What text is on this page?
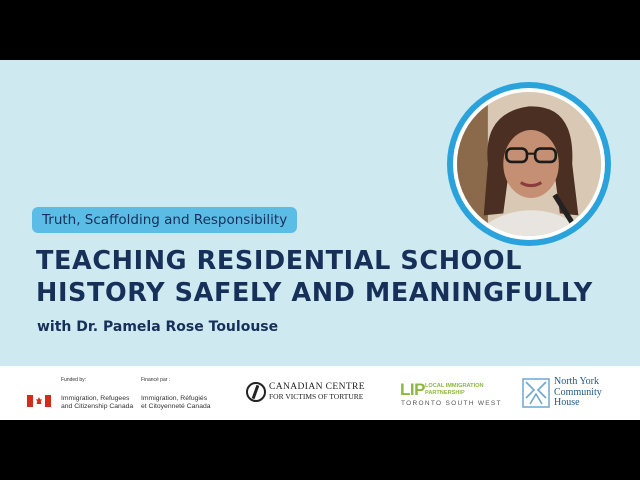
Truth, Scaffolding and Responsibility
TEACHING RESIDENTIAL SCHOOL
HISTORY SAFELY AND MEANINGFULLY
with Dr. Pamela Rose Toulouse
Funded by:
Immigration, Refugees
and Citizenship Canada
Financé par :
Immigration, Réfugiés
et Citoyenneté Canada
CANADIAN CENTRE
FOR VICTIMS OF TORTURE LIP LOCAL IMMIGRATION
PARTNERSHIP
TORONTO SOUTH WEST
North York
Community
House
